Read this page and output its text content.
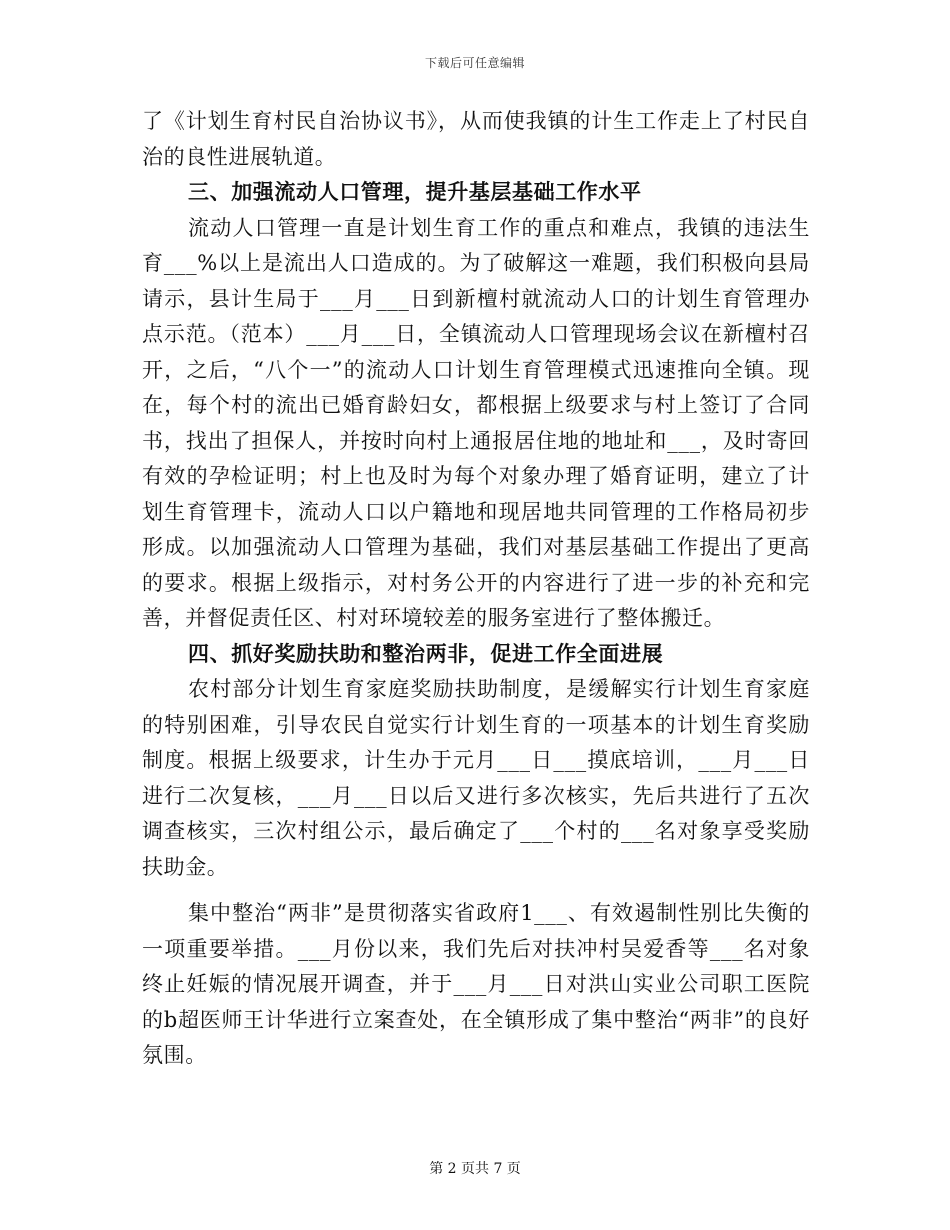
下载后可任意编辑

了《计划生育村民自治协议书》，从而使我镇的计生工作走上了村民自治的良性进展轨道。

三、加强流动人口管理，提升基层基础工作水平

流动人口管理一直是计划生育工作的重点和难点，我镇的违法生育___%以上是流出人口造成的。为了破解这一难题，我们积极向县局请示，县计生局于___月___日到新檀村就流动人口的计划生育管理办点示范。（范本）___月___日，全镇流动人口管理现场会议在新檀村召开，之后，“八个一”的流动人口计划生育管理模式迅速推向全镇。现在，每个村的流出已婚育龄妇女，都根据上级要求与村上签订了合同书，找出了担保人，并按时向村上通报居住地的地址和___，及时寄回有效的孕检证明；村上也及时为每个对象办理了婚育证明，建立了计划生育管理卡，流动人口以户籍地和现居地共同管理的工作格局初步形成。以加强流动人口管理为基础，我们对基层基础工作提出了更高的要求。根据上级指示，对村务公开的内容进行了进一步的补充和完善，并督促责任区、村对环境较差的服务室进行了整体搬迁。

四、抓好奖励扶助和整治两非，促进工作全面进展

农村部分计划生育家庭奖励扶助制度，是缓解实行计划生育家庭的特别困难，引导农民自觉实行计划生育的一项基本的计划生育奖励制度。根据上级要求，计生办于元月___日___摸底培训，___月___日进行二次复核，___月___日以后又进行多次核实，先后共进行了五次调查核实，三次村组公示，最后确定了___个村的___名对象享受奖励扶助金。

集中整治“两非”是贯彻落实省政府1___、有效遏制性别比失衡的一项重要举措。___月份以来，我们先后对扶冲村吴爱香等___名对象终止妊娠的情况展开调查，并于___月___日对洪山实业公司职工医院的b超医师王计华进行立案查处，在全镇形成了集中整治“两非”的良好氛围。

第 2 页共 7 页
